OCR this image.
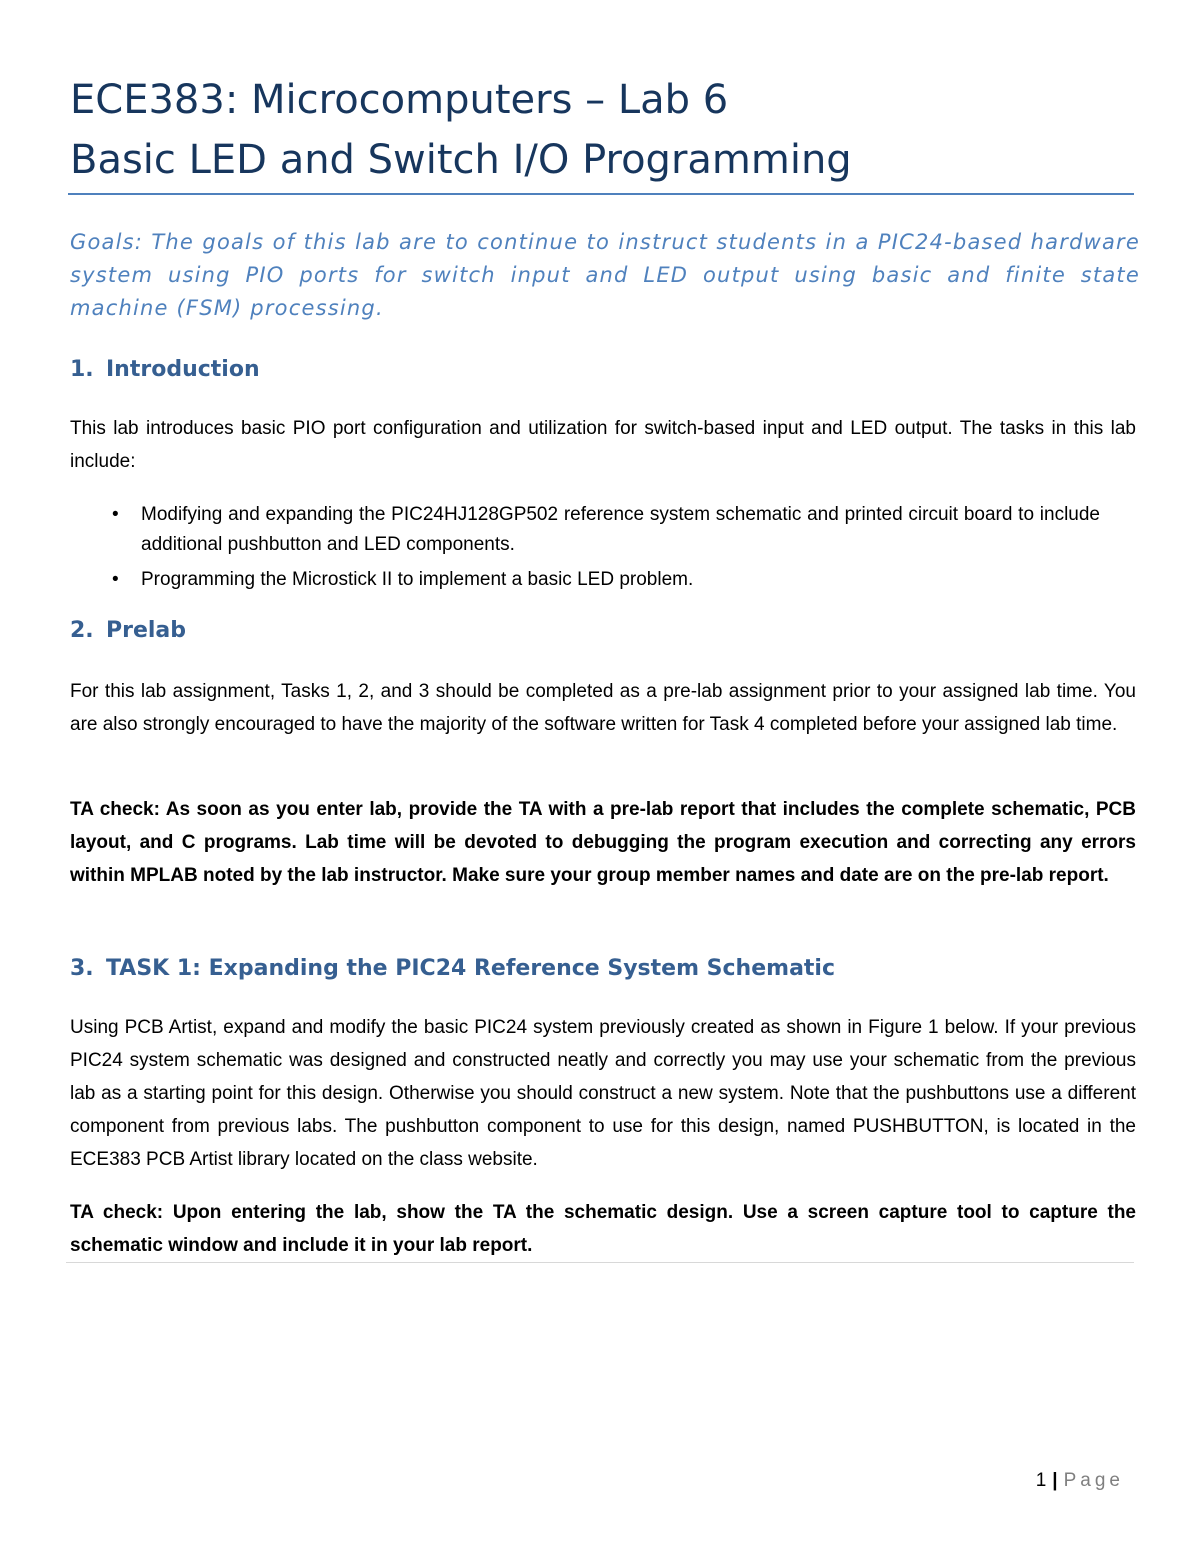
ECE383: Microcomputers – Lab 6
Basic LED and Switch I/O Programming
Goals: The goals of this lab are to continue to instruct students in a PIC24-based hardware system using PIO ports for switch input and LED output using basic and finite state machine (FSM) processing.
1. Introduction
This lab introduces basic PIO port configuration and utilization for switch-based input and LED output. The tasks in this lab include:
• Modifying and expanding the PIC24HJ128GP502 reference system schematic and printed circuit board to include additional pushbutton and LED components.
• Programming the Microstick II to implement a basic LED problem.
2. Prelab
For this lab assignment, Tasks 1, 2, and 3 should be completed as a pre-lab assignment prior to your assigned lab time. You are also strongly encouraged to have the majority of the software written for Task 4 completed before your assigned lab time.
TA check: As soon as you enter lab, provide the TA with a pre-lab report that includes the complete schematic, PCB layout, and C programs. Lab time will be devoted to debugging the program execution and correcting any errors within MPLAB noted by the lab instructor. Make sure your group member names and date are on the pre-lab report.
3. TASK 1: Expanding the PIC24 Reference System Schematic
Using PCB Artist, expand and modify the basic PIC24 system previously created as shown in Figure 1 below. If your previous PIC24 system schematic was designed and constructed neatly and correctly you may use your schematic from the previous lab as a starting point for this design. Otherwise you should construct a new system. Note that the pushbuttons use a different component from previous labs. The pushbutton component to use for this design, named PUSHBUTTON, is located in the ECE383 PCB Artist library located on the class website.
TA check: Upon entering the lab, show the TA the schematic design. Use a screen capture tool to capture the schematic window and include it in your lab report.
1 | Page
